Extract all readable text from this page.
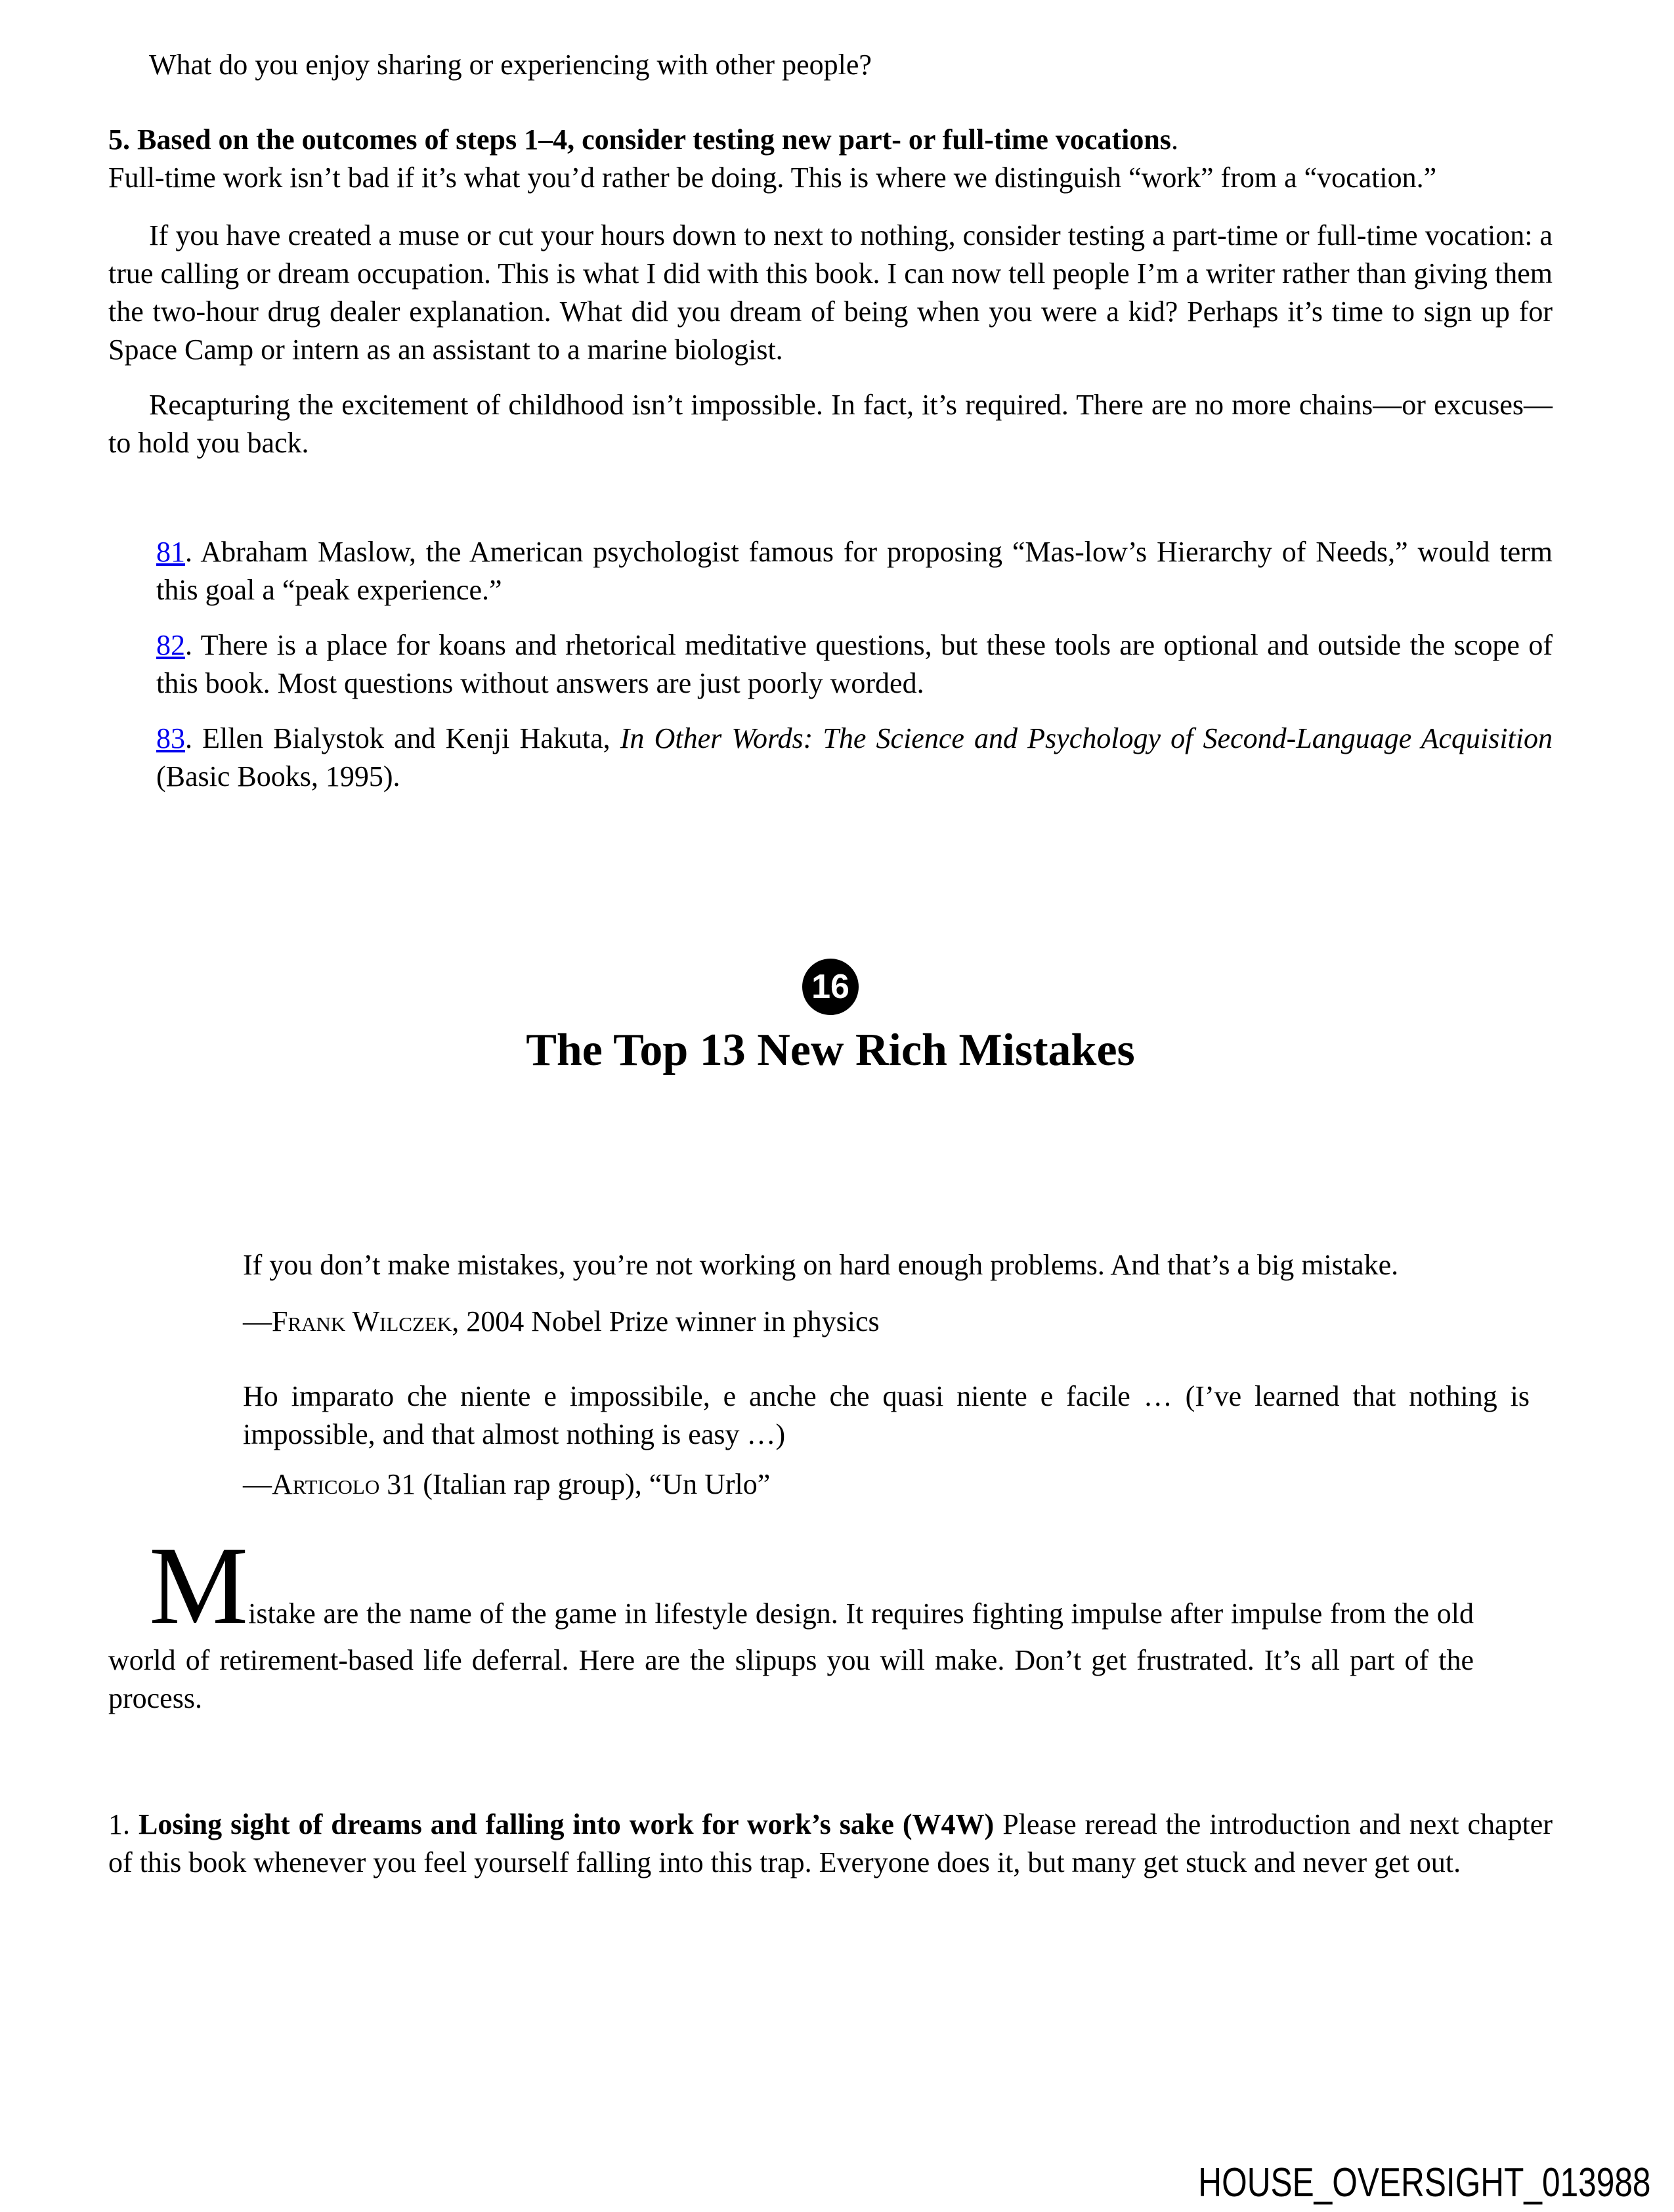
What do you enjoy sharing or experiencing with other people?

5. Based on the outcomes of steps 1–4, consider testing new part- or full-time vocations.

Full-time work isn’t bad if it’s what you’d rather be doing. This is where we distinguish “work” from a “vocation.”

If you have created a muse or cut your hours down to next to nothing, consider testing a part-time or full-time vocation: a true calling or dream occupation. This is what I did with this book. I can now tell people I’m a writer rather than giving them the two-hour drug dealer explanation. What did you dream of being when you were a kid? Perhaps it’s time to sign up for Space Camp or intern as an assistant to a marine biologist.

Recapturing the excitement of childhood isn’t impossible. In fact, it’s required. There are no more chains—or excuses—to hold you back.

81. Abraham Maslow, the American psychologist famous for proposing “Mas-low’s Hierarchy of Needs,” would term this goal a “peak experience.”

82. There is a place for koans and rhetorical meditative questions, but these tools are optional and outside the scope of this book. Most questions without answers are just poorly worded.

83. Ellen Bialystok and Kenji Hakuta, In Other Words: The Science and Psychology of Second-Language Acquisition (Basic Books, 1995).

16
The Top 13 New Rich Mistakes

If you don’t make mistakes, you’re not working on hard enough problems. And that’s a big mistake.

—Frank Wilczek, 2004 Nobel Prize winner in physics

Ho imparato che niente e impossibile, e anche che quasi niente e facile … (I’ve learned that nothing is impossible, and that almost nothing is easy …)

—Articolo 31 (Italian rap group), “Un Urlo”

Mistake are the name of the game in lifestyle design. It requires fighting impulse after impulse from the old world of retirement-based life deferral. Here are the slipups you will make. Don’t get frustrated. It’s all part of the process.

1. Losing sight of dreams and falling into work for work’s sake (W4W) Please reread the introduction and next chapter of this book whenever you feel yourself falling into this trap. Everyone does it, but many get stuck and never get out.

HOUSE_OVERSIGHT_013988
